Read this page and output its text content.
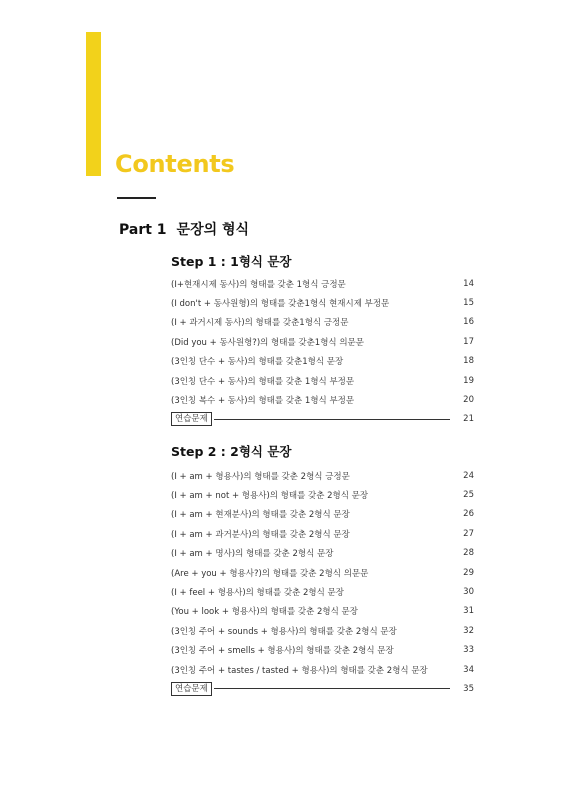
Contents
Part 1 문장의 형식
Step 1 : 1형식 문장
(I+현재시제 동사)의 형태를 갖춘 1형식 긍정문	14
(I don't + 동사원형)의 형태를 갖춘1형식 현재시제 부정문	15
(I + 과거시제 동사)의 형태를 갖춘1형식 긍정문	16
(Did you + 동사원형?)의 형태를 갖춘1형식 의문문	17
(3인칭 단수 + 동사)의 형태를 갖춘1형식 문장	18
(3인칭 단수 + 동사)의 형태를 갖춘 1형식 부정문	19
(3인칭 복수 + 동사)의 형태를 갖춘 1형식 부정문	20
연습문제	21
Step 2 : 2형식 문장
(I + am + 형용사)의 형태를 갖춘 2형식 긍정문	24
(I + am + not + 형용사)의 형태를 갖춘 2형식 문장	25
(I + am + 현재분사)의 형태를 갖춘 2형식 문장	26
(I + am + 과거분사)의 형태를 갖춘 2형식 문장	27
(I + am + 명사)의 형태를 갖춘 2형식 문장	28
(Are + you + 형용사?)의 형태를 갖춘 2형식 의문문	29
(I + feel + 형용사)의 형태를 갖춘 2형식 문장	30
(You + look + 형용사)의 형태를 갖춘 2형식 문장	31
(3인칭 주어 + sounds + 형용사)의 형태를 갖춘 2형식 문장	32
(3인칭 주어 + smells + 형용사)의 형태를 갖춘 2형식 문장	33
(3인칭 주어 + tastes / tasted + 형용사)의 형태를 갖춘 2형식 문장	34
연습문제	35
